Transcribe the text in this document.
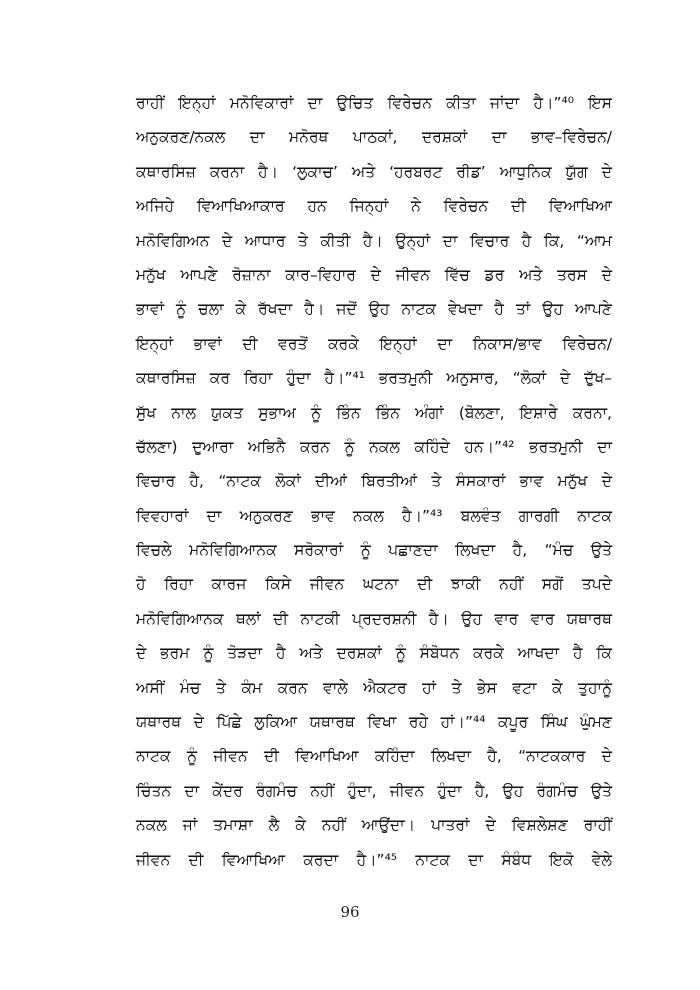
ਰਾਹੀਂ ਇਨ੍ਹਾਂ ਮਨੋਵਿਕਾਰਾਂ ਦਾ ਉਚਿਤ ਵਿਰੇਚਨ ਕੀਤਾ ਜਾਂਦਾ ਹੈ।”⁴⁰ ਇਸ
ਅਨੁਕਰਣ/ਨਕਲ ਦਾ ਮਨੋਰਥ ਪਾਠਕਾਂ, ਦਰਸ਼ਕਾਂ ਦਾ ਭਾਵ–ਵਿਰੇਚਨ/
ਕਥਾਰਸਿਜ਼ ਕਰਨਾ ਹੈ। ‘ਲੁਕਾਚ’ ਅਤੇ ‘ਹਰਬਰਟ ਰੀਡ’ ਆਧੁਨਿਕ ਯੁੱਗ ਦੇ
ਅਜਿਹੇ ਵਿਆਖਿਆਕਾਰ ਹਨ ਜਿਨ੍ਹਾਂ ਨੇ ਵਿਰੇਚਨ ਦੀ ਵਿਆਖਿਆ
ਮਨੋਵਿਗਿਅਨ ਦੇ ਆਧਾਰ ਤੇ ਕੀਤੀ ਹੈ। ਉਨ੍ਹਾਂ ਦਾ ਵਿਚਾਰ ਹੈ ਕਿ, “ਆਮ
ਮਨੁੱਖ ਆਪਣੇ ਰੋਜ਼ਾਨਾ ਕਾਰ–ਵਿਹਾਰ ਦੇ ਜੀਵਨ ਵਿੱਚ ਡਰ ਅਤੇ ਤਰਸ ਦੇ
ਭਾਵਾਂ ਨੂੰ ਚਲਾ ਕੇ ਰੱਖਦਾ ਹੈ। ਜਦੋਂ ਉਹ ਨਾਟਕ ਵੇਖਦਾ ਹੈ ਤਾਂ ਉਹ ਆਪਣੇ
ਇਨ੍ਹਾਂ ਭਾਵਾਂ ਦੀ ਵਰਤੋਂ ਕਰਕੇ ਇਨ੍ਹਾਂ ਦਾ ਨਿਕਾਸ/ਭਾਵ ਵਿਰੇਚਨ/
ਕਥਾਰਸਿਜ਼ ਕਰ ਰਿਹਾ ਹੁੰਦਾ ਹੈ।”⁴¹ ਭਰਤਮੁਨੀ ਅਨੁਸਾਰ, “ਲੋਕਾਂ ਦੇ ਦੁੱਖ–
ਸੁੱਖ ਨਾਲ ਯੁਕਤ ਸੁਭਾਅ ਨੂੰ ਭਿੰਨ ਭਿੰਨ ਅੰਗਾਂ (ਬੋਲਣਾ, ਇਸ਼ਾਰੇ ਕਰਨਾ,
ਚੱਲਣਾ) ਦੁਆਰਾ ਅਭਿਨੈ ਕਰਨ ਨੂੰ ਨਕਲ ਕਹਿੰਦੇ ਹਨ।”⁴² ਭਰਤਮੁਨੀ ਦਾ
ਵਿਚਾਰ ਹੈ, “ਨਾਟਕ ਲੋਕਾਂ ਦੀਆਂ ਬਿਰਤੀਆਂ ਤੇ ਸੰਸਕਾਰਾਂ ਭਾਵ ਮਨੁੱਖ ਦੇ
ਵਿਵਹਾਰਾਂ ਦਾ ਅਨੁਕਰਣ ਭਾਵ ਨਕਲ ਹੈ।”⁴³ ਬਲਵੰਤ ਗਾਰਗੀ ਨਾਟਕ
ਵਿਚਲੇ ਮਨੋਵਿਗਿਆਨਕ ਸਰੋਕਾਰਾਂ ਨੂੰ ਪਛਾਣਦਾ ਲਿਖਦਾ ਹੈ, “ਮੰਚ ਉਤੇ
ਹੋ ਰਿਹਾ ਕਾਰਜ ਕਿਸੇ ਜੀਵਨ ਘਟਨਾ ਦੀ ਝਾਕੀ ਨਹੀਂ ਸਗੋਂ ਤਪਦੇ
ਮਨੋਵਿਗਿਆਨਕ ਥਲਾਂ ਦੀ ਨਾਟਕੀ ਪ੍ਰਦਰਸ਼ਨੀ ਹੈ। ਉਹ ਵਾਰ ਵਾਰ ਯਥਾਰਥ
ਦੇ ਭਰਮ ਨੂੰ ਤੋੜਦਾ ਹੈ ਅਤੇ ਦਰਸ਼ਕਾਂ ਨੂੰ ਸੰਬੋਧਨ ਕਰਕੇ ਆਖਦਾ ਹੈ ਕਿ
ਅਸੀਂ ਮੰਚ ਤੇ ਕੰਮ ਕਰਨ ਵਾਲੇ ਐਕਟਰ ਹਾਂ ਤੇ ਭੇਸ ਵਟਾ ਕੇ ਤੁਹਾਨੂੰ
ਯਥਾਰਥ ਦੇ ਪਿੱਛੇ ਲੁਕਿਆ ਯਥਾਰਥ ਵਿਖਾ ਰਹੇ ਹਾਂ।”⁴⁴ ਕਪੂਰ ਸਿੰਘ ਘੁੰਮਣ
ਨਾਟਕ ਨੂੰ ਜੀਵਨ ਦੀ ਵਿਆਖਿਆ ਕਹਿੰਦਾ ਲਿਖਦਾ ਹੈ, “ਨਾਟਕਕਾਰ ਦੇ
ਚਿੰਤਨ ਦਾ ਕੇਂਦਰ ਰੰਗਮੰਚ ਨਹੀਂ ਹੁੰਦਾ, ਜੀਵਨ ਹੁੰਦਾ ਹੈ, ਉਹ ਰੰਗਮੰਚ ਉਤੇ
ਨਕਲ ਜਾਂ ਤਮਾਸ਼ਾ ਲੈ ਕੇ ਨਹੀਂ ਆਉਂਦਾ। ਪਾਤਰਾਂ ਦੇ ਵਿਸ਼ਲੇਸ਼ਣ ਰਾਹੀਂ
ਜੀਵਨ ਦੀ ਵਿਆਖਿਆ ਕਰਦਾ ਹੈ।”⁴⁵ ਨਾਟਕ ਦਾ ਸੰਬੰਧ ਇਕੋ ਵੇਲੇ
96
